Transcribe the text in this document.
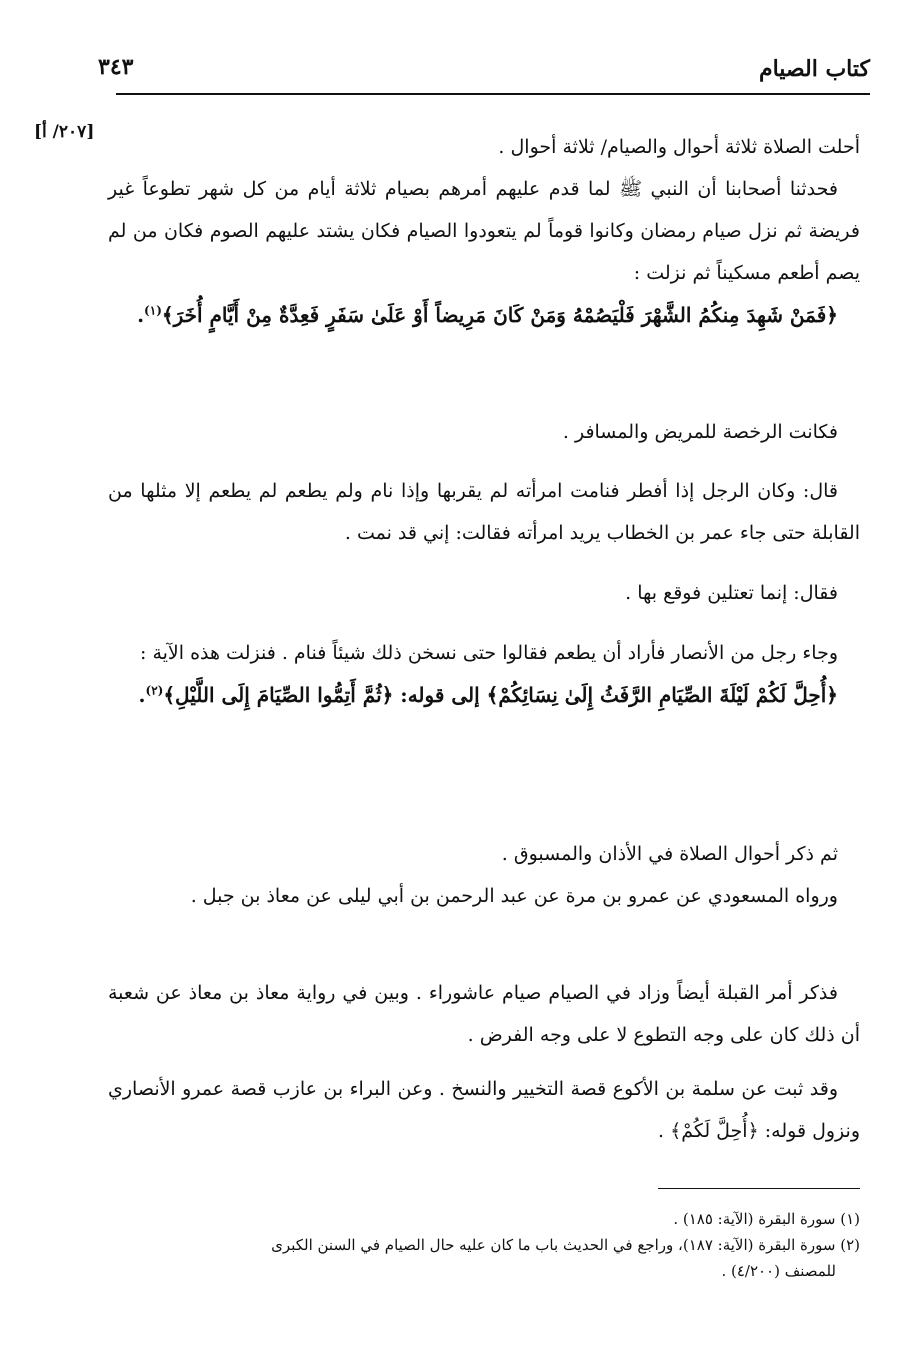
كتاب الصيام
٣٤٣
[٢٠٧/ أ]

أحلت الصلاة ثلاثة أحوال والصيام/ ثلاثة أحوال .

فحدثنا أصحابنا أن النبي ﷺ لما قدم عليهم أمرهم بصيام ثلاثة أيام من كل شهر تطوعاً غير فريضة ثم نزل صيام رمضان وكانوا قوماً لم يتعودوا الصيام فكان يشتد عليهم الصوم فكان من لم يصم أطعم مسكيناً ثم نزلت :

﴿فَمَنْ شَهِدَ مِنكُمُ الشَّهْرَ فَلْيَصُمْهُ وَمَنْ كَانَ مَرِيضاً أَوْ عَلَىٰ سَفَرٍ فَعِدَّةٌ مِنْ أَيَّامٍ أُخَرَ﴾$^{(١)}$.

فكانت الرخصة للمريض والمسافر .

قال: وكان الرجل إذا أفطر فنامت امرأته لم يقربها وإذا نام ولم يطعم لم يطعم إلا مثلها من القابلة حتى جاء عمر بن الخطاب يريد امرأته فقالت: إني قد نمت .

فقال: إنما تعتلين فوقع بها .

وجاء رجل من الأنصار فأراد أن يطعم فقالوا حتى نسخن ذلك شيئاً فنام . فنزلت هذه الآية :

﴿أُحِلَّ لَكُمْ لَيْلَةَ الصِّيَامِ الرَّفَثُ إِلَىٰ نِسَائِكُمْ﴾ إلى قوله: ﴿ثُمَّ أَتِمُّوا الصِّيَامَ إِلَى اللَّيْلِ﴾$^{(٢)}$.

ثم ذكر أحوال الصلاة في الأذان والمسبوق .

ورواه المسعودي عن عمرو بن مرة عن عبد الرحمن بن أبي ليلى عن معاذ بن جبل .

فذكر أمر القبلة أيضاً وزاد في الصيام صيام عاشوراء . وبين في رواية معاذ بن معاذ عن شعبة أن ذلك كان على وجه التطوع لا على وجه الفرض .

وقد ثبت عن سلمة بن الأكوع قصة التخيير والنسخ . وعن البراء بن عازب قصة عمرو الأنصاري ونزول قوله: ﴿أُحِلَّ لَكُمْ﴾ .

(١) سورة البقرة (الآية: ١٨٥) .

(٢) سورة البقرة (الآية: ١٨٧)، وراجع في الحديث باب ما كان عليه حال الصيام في السنن الكبرى

للمصنف (٤/٢٠٠) .
